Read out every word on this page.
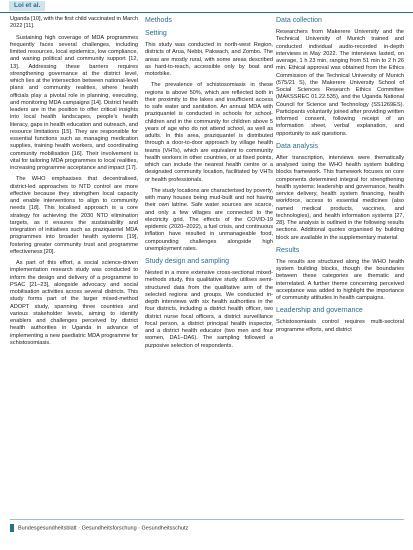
Loi et al.

Uganda [10], with the first child vaccinated in March 2022 [11].

Sustaining high coverage of MDA programmes frequently faces several challenges, including limited resources, local epidemics, low compliance, and waning political and community support [12, 13]. Addressing these barriers requires strengthening governance at the district level, which lies at the intersection between national-level plans and community realities, where health officials play a pivotal role in planning, executing, and monitoring MDA campaigns [14]. District health leaders are in the position to offer critical insights into local health landscapes, people’s health literacy, gaps in health education and outreach, and resource limitations [15]. They are responsible for essential functions such as managing medication supplies, training health workers, and coordinating community mobilisation [16]. Their involvement is vital for tailoring MDA programmes to local realities, increasing programme acceptance and impact [17].

The WHO emphasises that decentralised, district-led approaches to NTD control are more effective because they strengthen local capacity and enable interventions to align to community needs [18]. This localised approach is a core strategy for achieving the 2030 NTD elimination targets, as it ensures the sustainability and integration of initiatives such as praziquantel MDA programmes into broader health systems [19], fostering greater community trust and programme effectiveness [20].

As part of this effort, a social science-driven implementation research study was conducted to inform the design and delivery of a programme to PSAC [21–23], alongside advocacy and social mobilisation activities across several districts. This study forms part of the larger mixed-method ADOPT study, spanning three countries and various stakeholder levels, aiming to identify enablers and challenges perceived by district health authorities in Uganda in advance of implementing a new paediatric MDA programme for schistosomiasis.

Methods
Setting

This study was conducted in north-west Region, districts of Arua, Nebbi, Pakwach, and Zombo. The areas are mostly rural, with some areas described as hard-to-reach, accessible only by boat and motorbike.

The prevalence of schistosomiasis in these regions is above 50%, which are reflected both in their proximity to the lakes and insufficient access to safe water and sanitation. An annual MDA with praziquantel is conducted in schools for school-children and in the community for children above 5 years of age who do not attend school, as well as adults. In this area, praziquantel is distributed through a door-to-door approach by village health teams (VHTs), which are equivalent to community health workers in other countries, or at fixed points, which can include the nearest health centre or a designated community location, facilitated by VHTs or health professionals.

The study locations are characterised by poverty, with many houses being mud-built and not having their own latrine. Safe water sources are scarce, and only a few villages are connected to the electricity grid. The effects of the COVID-19 epidemic (2020–2022), a fuel crisis, and continuous inflation have resulted in unmanageable food, compounding challenges alongside high unemployment rates.

Study design and sampling

Nested in a more extensive cross-sectional mixed-methods study, this qualitative study utilises semi-structured data from the qualitative arm of the selected regions and groups. We conducted in-depth interviews with six health authorities in the four districts, including a district health officer, two district nurse focal officers, a district surveillance focal person, a district principal health inspector, and a district health educator (two men and four women, DA1–DA6). The sampling followed a purposive selection of respondents.

Data collection

Researchers from Makerere University and the Technical University of Munich trained and conducted individual audio-recorded in-depth interviews in May 2022. The interviews lasted, on average, 1 h 23 min, ranging from 51 min to 2 h 26 min. Ethical approval was obtained from the Ethics Commission of the Technical University of Munich (575/21 S), the Makerere University School of Social Sciences Research Ethics Committee (MAKSSREC 01.22.535), and the Uganda National Council for Science and Technology (SS1269ES). Participants voluntarily joined after providing written informed consent, following receipt of an information sheet, verbal explanation, and opportunity to ask questions.

Data analysis

After transcription, interviews were thematically analysed using the WHO health system building blocks framework. This framework focuses on core components determined integral for strengthening health systems: leadership and governance, health service delivery, health system financing, health workforce, access to essential medicines (also named medical products, vaccines, and technologies), and health information systems [27, 28]. The analysis is outlined in the following results sections. Additional quotes organised by building block are available in the supplementary material.

Results

The results are structured along the WHO health system building blocks, though the boundaries between these categories are thematic and interrelated. A further theme concerning perceived acceptance was added to highlight the importance of community attitudes in health campaigns.

Leadership and governance

Schistosomiasis control requires multi-sectoral programme efforts, and district

Bundesgesundheitsblatt · Gesundheitsforschung · Gesundheitsschutz
